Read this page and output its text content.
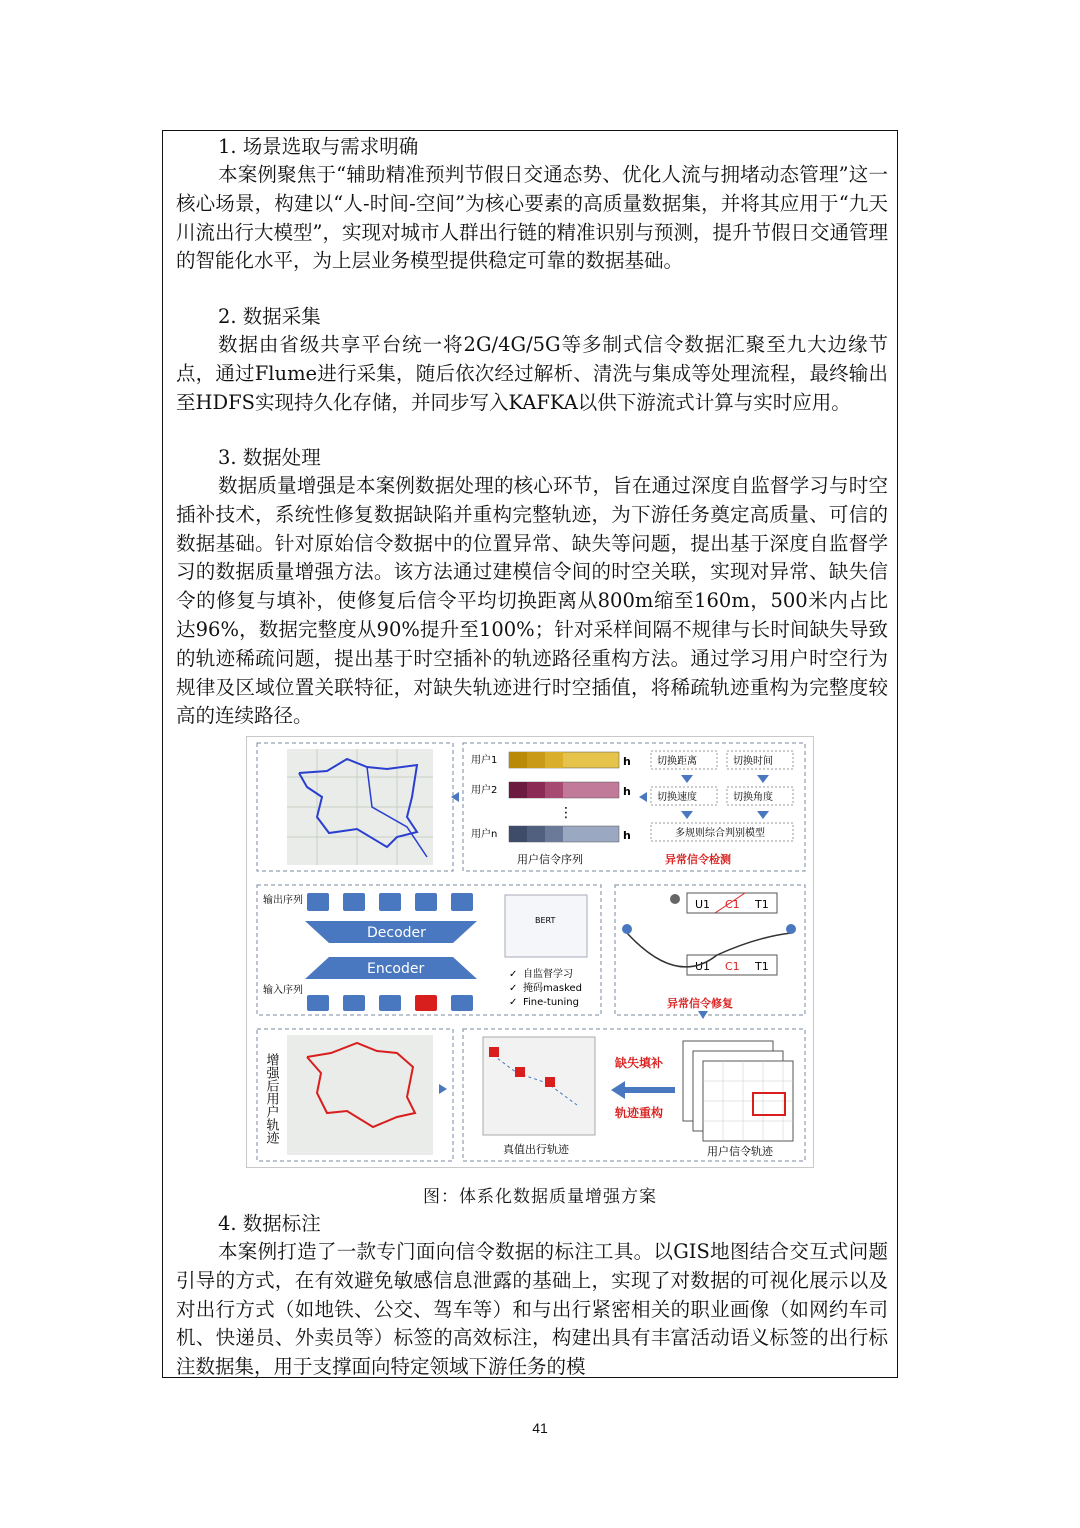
1. 场景选取与需求明确

本案例聚焦于“辅助精准预判节假日交通态势、优化人流与拥堵动态管理”这一核心场景，构建以“人-时间-空间”为核心要素的高质量数据集，并将其应用于“九天川流出行大模型”，实现对城市人群出行链的精准识别与预测，提升节假日交通管理的智能化水平，为上层业务模型提供稳定可靠的数据基础。

2. 数据采集

数据由省级共享平台统一将2G/4G/5G等多制式信令数据汇聚至九大边缘节点，通过Flume进行采集，随后依次经过解析、清洗与集成等处理流程，最终输出至HDFS实现持久化存储，并同步写入KAFKA以供下游流式计算与实时应用。

3. 数据处理

数据质量增强是本案例数据处理的核心环节，旨在通过深度自监督学习与时空插补技术，系统性修复数据缺陷并重构完整轨迹，为下游任务奠定高质量、可信的数据基础。针对原始信令数据中的位置异常、缺失等问题，提出基于深度自监督学习的数据质量增强方法。该方法通过建模信令间的时空关联，实现对异常、缺失信令的修复与填补，使修复后信令平均切换距离从800m缩至160m，500米内占比达96%，数据完整度从90%提升至100%；针对采样间隔不规律与长时间缺失导致的轨迹稀疏问题，提出基于时空插补的轨迹路径重构方法。通过学习用户时空行为规律及区域位置关联特征，对缺失轨迹进行时空插值，将稀疏轨迹重构为完整度较高的连续路径。

用户1	h
用户2	h
⋮
用户n	h
用户信令序列
切换距离	切换时间
切换速度	切换角度
多规则综合判别模型
异常信令检测
输出序列
Decoder
Encoder
输入序列
BERT
✓ 自监督学习
✓ 掩码masked
✓ Fine-tuning
U1 C1 T1
U1 C1 T1
异常信令修复
增强后用户轨迹
真值出行轨迹
缺失填补
轨迹重构
用户信令轨迹
图：体系化数据质量增强方案

4. 数据标注

本案例打造了一款专门面向信令数据的标注工具。以GIS地图结合交互式问题引导的方式，在有效避免敏感信息泄露的基础上，实现了对数据的可视化展示以及对出行方式（如地铁、公交、驾车等）和与出行紧密相关的职业画像（如网约车司机、快递员、外卖员等）标签的高效标注，构建出具有丰富活动语义标签的出行标注数据集，用于支撑面向特定领域下游任务的模

41
